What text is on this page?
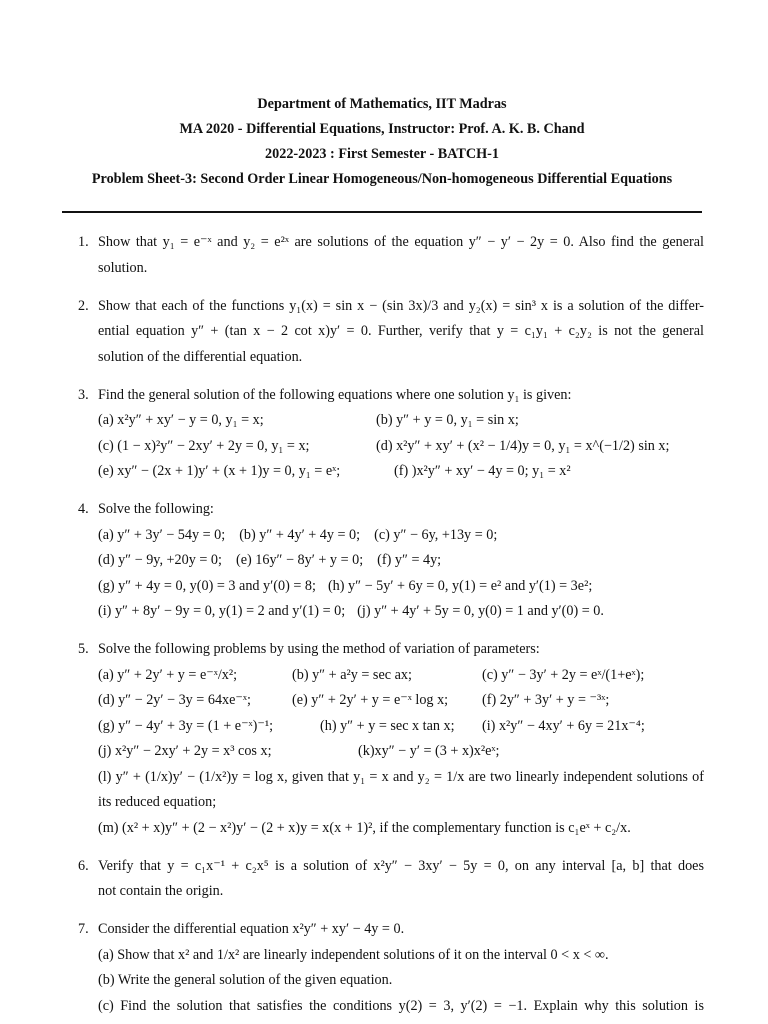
Department of Mathematics, IIT Madras
MA 2020 - Differential Equations, Instructor: Prof. A. K. B. Chand
2022-2023 : First Semester - BATCH-1
Problem Sheet-3: Second Order Linear Homogeneous/Non-homogeneous Differential Equations
1. Show that y₁ = e⁻ˣ and y₂ = e²ˣ are solutions of the equation y″ − y′ − 2y = 0. Also find the general
solution.
2. Show that each of the functions y₁(x) = sin x − (sin 3x)/3 and y₂(x) = sin³ x is a solution of the differ-
ential equation y″ + (tan x − 2 cot x)y′ = 0. Further, verify that y = c₁y₁ + c₂y₂ is not the general
solution of the differential equation.
3. Find the general solution of the following equations where one solution y₁ is given:
(a) x²y″ + xy′ − y = 0, y₁ = x;	(b) y″ + y = 0, y₁ = sin x;
(c) (1 − x)²y″ − 2xy′ + 2y = 0, y₁ = x;	(d) x²y″ + xy′ + (x² − 1/4)y = 0, y₁ = x^(−1/2) sin x;
(e) xy″ − (2x + 1)y′ + (x + 1)y = 0, y₁ = eˣ;	(f) )x²y″ + xy′ − 4y = 0; y₁ = x²
4. Solve the following:
(a) y″ + 3y′ − 54y = 0; (b) y″ + 4y′ + 4y = 0; (c) y″ − 6y, +13y = 0;
(d) y″ − 9y, +20y = 0; (e) 16y″ − 8y′ + y = 0; (f) y″ = 4y;
(g) y″ + 4y = 0, y(0) = 3 and y′(0) = 8; (h) y″ − 5y′ + 6y = 0, y(1) = e² and y′(1) = 3e²;
(i) y″ + 8y′ − 9y = 0, y(1) = 2 and y′(1) = 0; (j) y″ + 4y′ + 5y = 0, y(0) = 1 and y′(0) = 0.
5. Solve the following problems by using the method of variation of parameters:
(a) y″ + 2y′ + y = e⁻ˣ/x²;	(b) y″ + a²y = sec ax;	(c) y″ − 3y′ + 2y = eˣ/(1+eˣ);
(d) y″ − 2y′ − 3y = 64xe⁻ˣ;	(e) y″ + 2y′ + y = e⁻ˣ log x;	(f) 2y″ + 3y′ + y = ⁻³ˣ;
(g) y″ − 4y′ + 3y = (1 + e⁻ˣ)⁻¹;	(h) y″ + y = sec x tan x;	(i) x²y″ − 4xy′ + 6y = 21x⁻⁴;
(j) x²y″ − 2xy′ + 2y = x³ cos x;	(k)xy″ − y′ = (3 + x)x²eˣ;
(l) y″ + (1/x)y′ − (1/x²)y = log x, given that y₁ = x and y₂ = 1/x are two linearly independent solutions of
its reduced equation;
(m) (x² + x)y″ + (2 − x²)y′ − (2 + x)y = x(x + 1)², if the complementary function is c₁eˣ + c₂/x.
6. Verify that y = c₁x⁻¹ + c₂x⁵ is a solution of x²y″ − 3xy′ − 5y = 0, on any interval [a, b] that does
not contain the origin.
7. Consider the differential equation x²y″ + xy′ − 4y = 0.
(a) Show that x² and 1/x² are linearly independent solutions of it on the interval 0 < x < ∞.
(b) Write the general solution of the given equation.
(c) Find the solution that satisfies the conditions y(2) = 3, y′(2) = −1. Explain why this solution is
